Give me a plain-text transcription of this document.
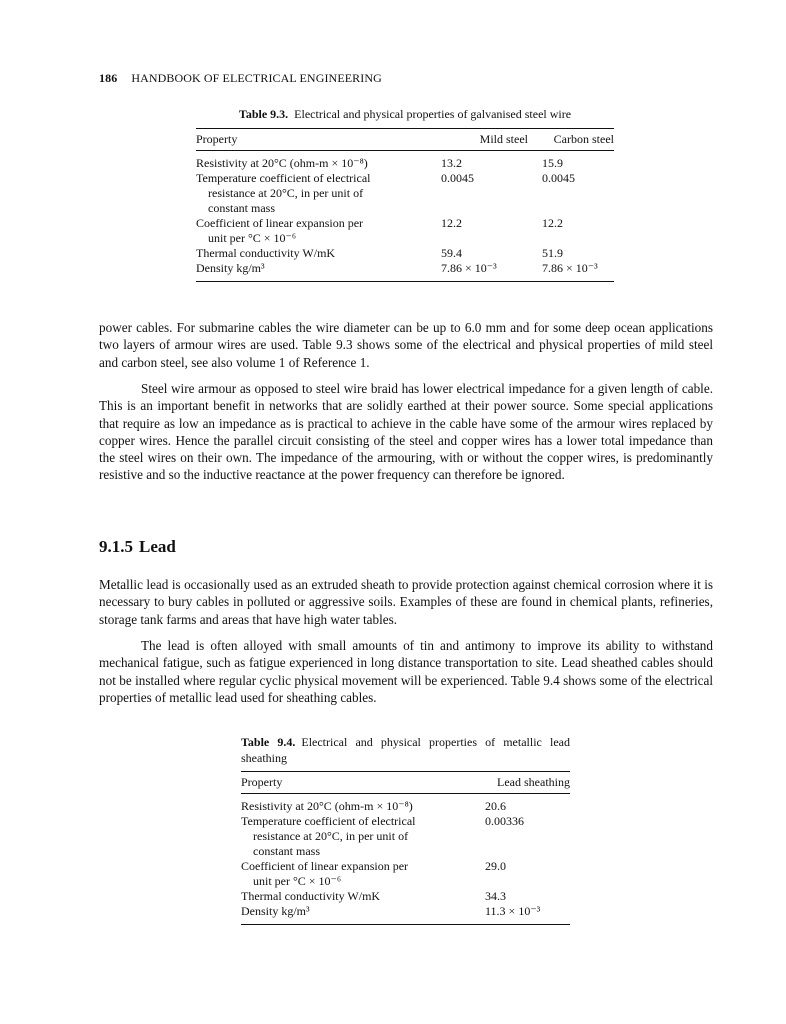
186 HANDBOOK OF ELECTRICAL ENGINEERING
Table 9.3. Electrical and physical properties of galvanised steel wire
Property	Mild steel	Carbon steel
Resistivity at 20°C (ohm-m × 10⁻⁸)	13.2	15.9
Temperature coefficient of electrical
resistance at 20°C, in per unit of
constant mass	0.0045	0.0045
Coefficient of linear expansion per
unit per °C × 10⁻⁶	12.2	12.2
Thermal conductivity W/mK	59.4	51.9
Density kg/m³	7.86 × 10⁻³	7.86 × 10⁻³

power cables. For submarine cables the wire diameter can be up to 6.0 mm and for some deep ocean applications two layers of armour wires are used. Table 9.3 shows some of the electrical and physical properties of mild steel and carbon steel, see also volume 1 of Reference 1.

Steel wire armour as opposed to steel wire braid has lower electrical impedance for a given length of cable. This is an important benefit in networks that are solidly earthed at their power source. Some special applications that require as low an impedance as is practical to achieve in the cable have some of the armour wires replaced by copper wires. Hence the parallel circuit consisting of the steel and copper wires has a lower total impedance than the steel wires on their own. The impedance of the armouring, with or without the copper wires, is predominantly resistive and so the inductive reactance at the power frequency can therefore be ignored.

9.1.5 Lead

Metallic lead is occasionally used as an extruded sheath to provide protection against chemical corrosion where it is necessary to bury cables in polluted or aggressive soils. Examples of these are found in chemical plants, refineries, storage tank farms and areas that have high water tables.

The lead is often alloyed with small amounts of tin and antimony to improve its ability to withstand mechanical fatigue, such as fatigue experienced in long distance transportation to site. Lead sheathed cables should not be installed where regular cyclic physical movement will be experienced. Table 9.4 shows some of the electrical properties of metallic lead used for sheathing cables.

Table 9.4. Electrical and physical properties of metallic lead sheathing
Property	Lead sheathing
Resistivity at 20°C (ohm-m × 10⁻⁸)	20.6
Temperature coefficient of electrical
resistance at 20°C, in per unit of
constant mass	0.00336
Coefficient of linear expansion per
unit per °C × 10⁻⁶	29.0
Thermal conductivity W/mK	34.3
Density kg/m³	11.3 × 10⁻³
